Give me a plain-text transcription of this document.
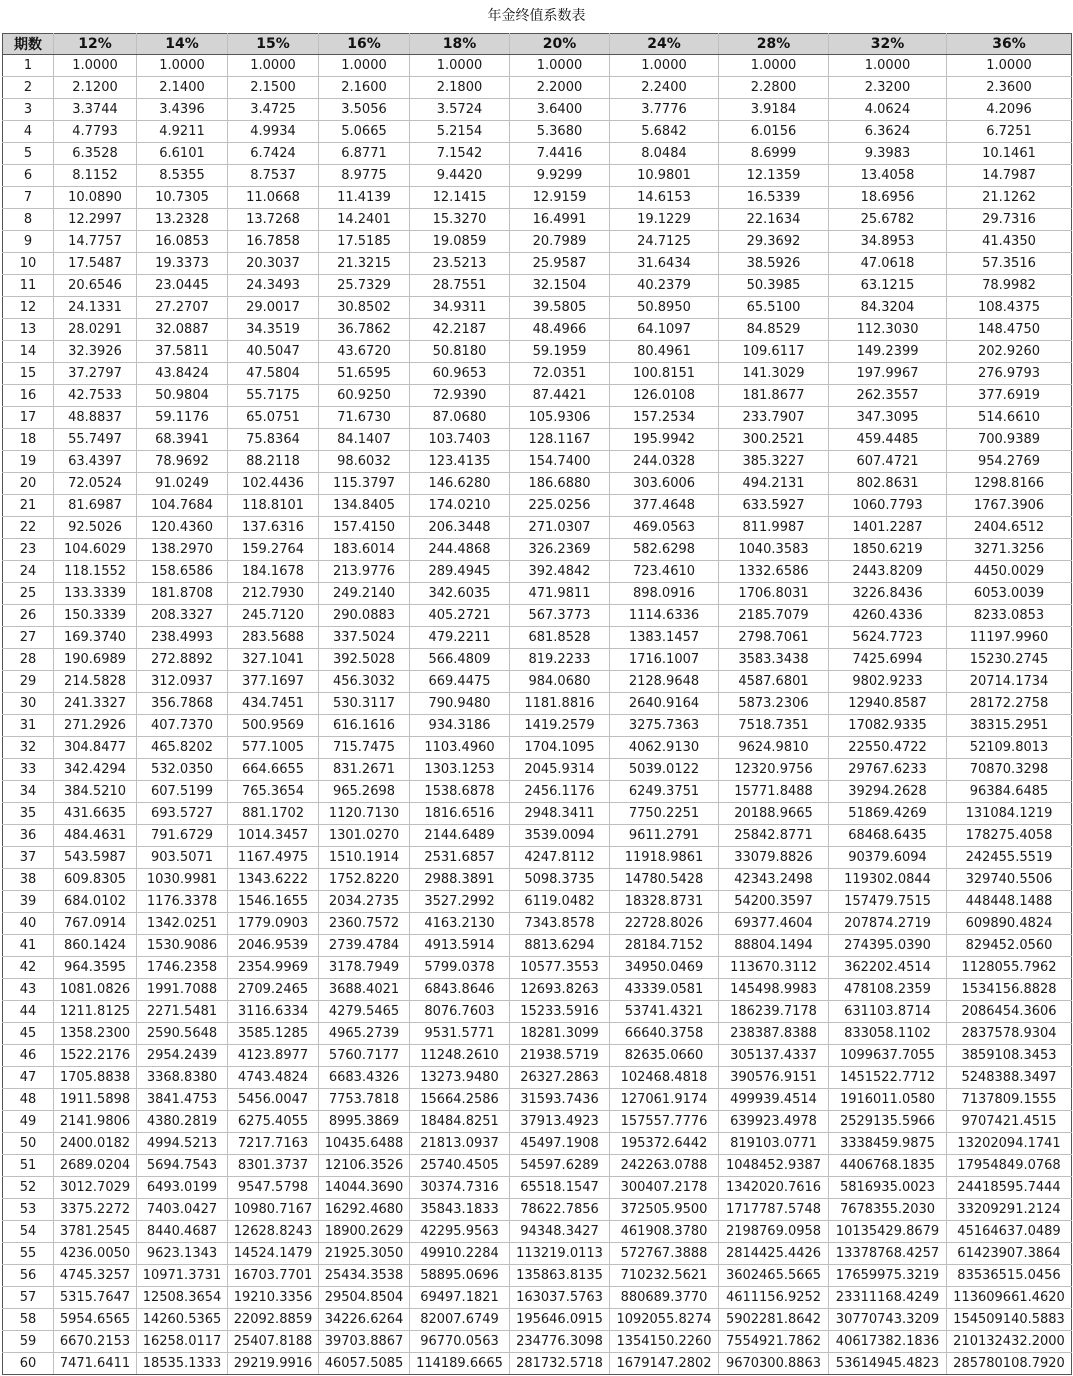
年金终值系数表
期数	12%	14%	15%	16%	18%	20%	24%	28%	32%	36%
1	1.0000	1.0000	1.0000	1.0000	1.0000	1.0000	1.0000	1.0000	1.0000	1.0000
2	2.1200	2.1400	2.1500	2.1600	2.1800	2.2000	2.2400	2.2800	2.3200	2.3600
3	3.3744	3.4396	3.4725	3.5056	3.5724	3.6400	3.7776	3.9184	4.0624	4.2096
4	4.7793	4.9211	4.9934	5.0665	5.2154	5.3680	5.6842	6.0156	6.3624	6.7251
5	6.3528	6.6101	6.7424	6.8771	7.1542	7.4416	8.0484	8.6999	9.3983	10.1461
6	8.1152	8.5355	8.7537	8.9775	9.4420	9.9299	10.9801	12.1359	13.4058	14.7987
7	10.0890	10.7305	11.0668	11.4139	12.1415	12.9159	14.6153	16.5339	18.6956	21.1262
8	12.2997	13.2328	13.7268	14.2401	15.3270	16.4991	19.1229	22.1634	25.6782	29.7316
9	14.7757	16.0853	16.7858	17.5185	19.0859	20.7989	24.7125	29.3692	34.8953	41.4350
10	17.5487	19.3373	20.3037	21.3215	23.5213	25.9587	31.6434	38.5926	47.0618	57.3516
11	20.6546	23.0445	24.3493	25.7329	28.7551	32.1504	40.2379	50.3985	63.1215	78.9982
12	24.1331	27.2707	29.0017	30.8502	34.9311	39.5805	50.8950	65.5100	84.3204	108.4375
13	28.0291	32.0887	34.3519	36.7862	42.2187	48.4966	64.1097	84.8529	112.3030	148.4750
14	32.3926	37.5811	40.5047	43.6720	50.8180	59.1959	80.4961	109.6117	149.2399	202.9260
15	37.2797	43.8424	47.5804	51.6595	60.9653	72.0351	100.8151	141.3029	197.9967	276.9793
16	42.7533	50.9804	55.7175	60.9250	72.9390	87.4421	126.0108	181.8677	262.3557	377.6919
17	48.8837	59.1176	65.0751	71.6730	87.0680	105.9306	157.2534	233.7907	347.3095	514.6610
18	55.7497	68.3941	75.8364	84.1407	103.7403	128.1167	195.9942	300.2521	459.4485	700.9389
19	63.4397	78.9692	88.2118	98.6032	123.4135	154.7400	244.0328	385.3227	607.4721	954.2769
20	72.0524	91.0249	102.4436	115.3797	146.6280	186.6880	303.6006	494.2131	802.8631	1298.8166
21	81.6987	104.7684	118.8101	134.8405	174.0210	225.0256	377.4648	633.5927	1060.7793	1767.3906
22	92.5026	120.4360	137.6316	157.4150	206.3448	271.0307	469.0563	811.9987	1401.2287	2404.6512
23	104.6029	138.2970	159.2764	183.6014	244.4868	326.2369	582.6298	1040.3583	1850.6219	3271.3256
24	118.1552	158.6586	184.1678	213.9776	289.4945	392.4842	723.4610	1332.6586	2443.8209	4450.0029
25	133.3339	181.8708	212.7930	249.2140	342.6035	471.9811	898.0916	1706.8031	3226.8436	6053.0039
26	150.3339	208.3327	245.7120	290.0883	405.2721	567.3773	1114.6336	2185.7079	4260.4336	8233.0853
27	169.3740	238.4993	283.5688	337.5024	479.2211	681.8528	1383.1457	2798.7061	5624.7723	11197.9960
28	190.6989	272.8892	327.1041	392.5028	566.4809	819.2233	1716.1007	3583.3438	7425.6994	15230.2745
29	214.5828	312.0937	377.1697	456.3032	669.4475	984.0680	2128.9648	4587.6801	9802.9233	20714.1734
30	241.3327	356.7868	434.7451	530.3117	790.9480	1181.8816	2640.9164	5873.2306	12940.8587	28172.2758
31	271.2926	407.7370	500.9569	616.1616	934.3186	1419.2579	3275.7363	7518.7351	17082.9335	38315.2951
32	304.8477	465.8202	577.1005	715.7475	1103.4960	1704.1095	4062.9130	9624.9810	22550.4722	52109.8013
33	342.4294	532.0350	664.6655	831.2671	1303.1253	2045.9314	5039.0122	12320.9756	29767.6233	70870.3298
34	384.5210	607.5199	765.3654	965.2698	1538.6878	2456.1176	6249.3751	15771.8488	39294.2628	96384.6485
35	431.6635	693.5727	881.1702	1120.7130	1816.6516	2948.3411	7750.2251	20188.9665	51869.4269	131084.1219
36	484.4631	791.6729	1014.3457	1301.0270	2144.6489	3539.0094	9611.2791	25842.8771	68468.6435	178275.4058
37	543.5987	903.5071	1167.4975	1510.1914	2531.6857	4247.8112	11918.9861	33079.8826	90379.6094	242455.5519
38	609.8305	1030.9981	1343.6222	1752.8220	2988.3891	5098.3735	14780.5428	42343.2498	119302.0844	329740.5506
39	684.0102	1176.3378	1546.1655	2034.2735	3527.2992	6119.0482	18328.8731	54200.3597	157479.7515	448448.1488
40	767.0914	1342.0251	1779.0903	2360.7572	4163.2130	7343.8578	22728.8026	69377.4604	207874.2719	609890.4824
41	860.1424	1530.9086	2046.9539	2739.4784	4913.5914	8813.6294	28184.7152	88804.1494	274395.0390	829452.0560
42	964.3595	1746.2358	2354.9969	3178.7949	5799.0378	10577.3553	34950.0469	113670.3112	362202.4514	1128055.7962
43	1081.0826	1991.7088	2709.2465	3688.4021	6843.8646	12693.8263	43339.0581	145498.9983	478108.2359	1534156.8828
44	1211.8125	2271.5481	3116.6334	4279.5465	8076.7603	15233.5916	53741.4321	186239.7178	631103.8714	2086454.3606
45	1358.2300	2590.5648	3585.1285	4965.2739	9531.5771	18281.3099	66640.3758	238387.8388	833058.1102	2837578.9304
46	1522.2176	2954.2439	4123.8977	5760.7177	11248.2610	21938.5719	82635.0660	305137.4337	1099637.7055	3859108.3453
47	1705.8838	3368.8380	4743.4824	6683.4326	13273.9480	26327.2863	102468.4818	390576.9151	1451522.7712	5248388.3497
48	1911.5898	3841.4753	5456.0047	7753.7818	15664.2586	31593.7436	127061.9174	499939.4514	1916011.0580	7137809.1555
49	2141.9806	4380.2819	6275.4055	8995.3869	18484.8251	37913.4923	157557.7776	639923.4978	2529135.5966	9707421.4515
50	2400.0182	4994.5213	7217.7163	10435.6488	21813.0937	45497.1908	195372.6442	819103.0771	3338459.9875	13202094.1741
51	2689.0204	5694.7543	8301.3737	12106.3526	25740.4505	54597.6289	242263.0788	1048452.9387	4406768.1835	17954849.0768
52	3012.7029	6493.0199	9547.5798	14044.3690	30374.7316	65518.1547	300407.2178	1342020.7616	5816935.0023	24418595.7444
53	3375.2272	7403.0427	10980.7167	16292.4680	35843.1833	78622.7856	372505.9500	1717787.5748	7678355.2030	33209291.2124
54	3781.2545	8440.4687	12628.8243	18900.2629	42295.9563	94348.3427	461908.3780	2198769.0958	10135429.8679	45164637.0489
55	4236.0050	9623.1343	14524.1479	21925.3050	49910.2284	113219.0113	572767.3888	2814425.4426	13378768.4257	61423907.3864
56	4745.3257	10971.3731	16703.7701	25434.3538	58895.0696	135863.8135	710232.5621	3602465.5665	17659975.3219	83536515.0456
57	5315.7647	12508.3654	19210.3356	29504.8504	69497.1821	163037.5763	880689.3770	4611156.9252	23311168.4249	113609661.4620
58	5954.6565	14260.5365	22092.8859	34226.6264	82007.6749	195646.0915	1092055.8274	5902281.8642	30770743.3209	154509140.5883
59	6670.2153	16258.0117	25407.8188	39703.8867	96770.0563	234776.3098	1354150.2260	7554921.7862	40617382.1836	210132432.2000
60	7471.6411	18535.1333	29219.9916	46057.5085	114189.6665	281732.5718	1679147.2802	9670300.8863	53614945.4823	285780108.7920
